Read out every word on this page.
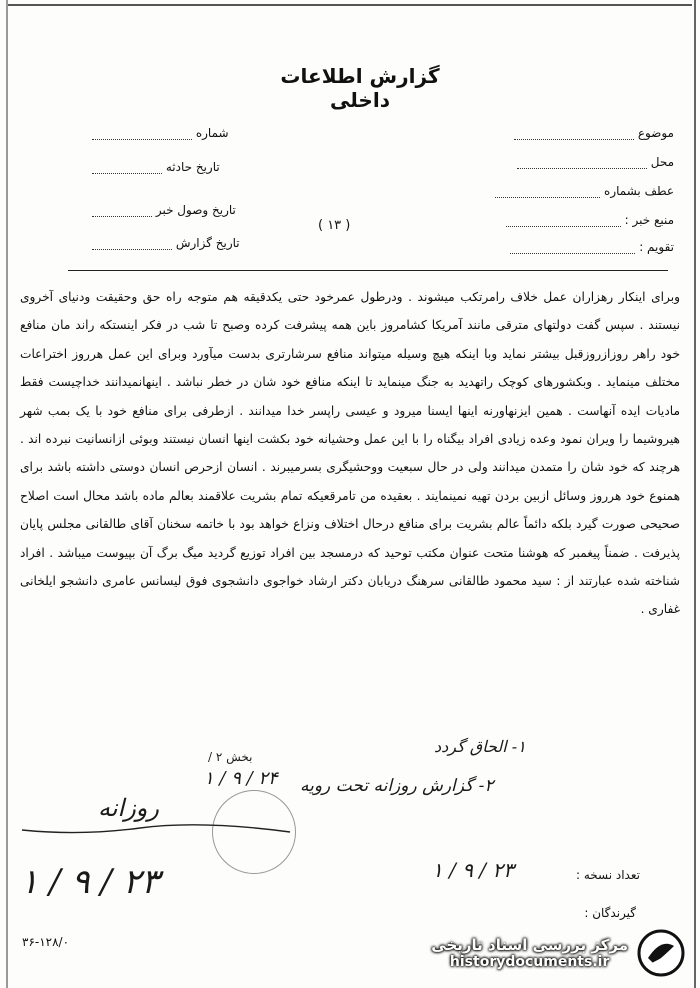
گزارش اطلاعات داخلی
موضوع
محل
عطف بشماره
منبع خبر :
تقویم :
( ۱۳ )
شماره
تاریخ حادثه
تاریخ وصول خبر
تاریخ گزارش
وبرای اینکار رهزاران عمل خلاف رامرتکب میشوند . ودرطول عمرخود حتی یکدقیقه هم متوجه راه حق وحقیقت ودنیای آخروی نیستند . سپس گفت دولتهای مترقی مانند آمریکا کشامروز باین همه پیشرفت کرده وصبح تا شب در فکر اینستکه راند مان منافع خود راهر روزازروزقبل بیشتر نماید وبا اینکه هیچ وسیله میتواند منافع سرشارتری بدست میآورد وبرای این عمل هرروز اختراعات مختلف مینماید . وبکشورهای کوچک راتهدید به جنگ مینماید تا اینکه منافع خود شان در خطر نباشد . اینهانمیدانند خداچیست فقط مادیات ایده آنهاست . همین ایزنهاورنه اینها ایسنا میرود و عیسی راپسر خدا میدانند . ازطرفی برای منافع خود با یک بمب شهر هیروشیما را ویران نمود وعده زیادی افراد بیگناه را با این عمل وحشیانه خود بکشت اینها انسان نیستند وبوئی ازانسانیت نبرده اند . هرچند که خود شان را متمدن میدانند ولی در حال سبعیت ووحشیگری بسرمیبرند . انسان ازحرص انسان دوستی داشته باشد برای همنوع خود هرروز وسائل ازبین بردن تهیه نمینمایند . بعقیده من تامرقعیکه تمام بشریت علاقمند بعالم ماده باشد محال است اصلاح صحیحی صورت گیرد بلکه دائماً عالم بشریت برای منافع درحال اختلاف ونزاع خواهد بود با خاتمه سخنان آقای طالقانی مجلس پایان پذیرفت . ضمناً پیغمبر که هوشنا متحت عنوان مکتب توحید که درمسجد بین افراد توزیع گردید میگ برگ آن بپیوست میباشد . افراد شناخته شده عبارتند از : سید محمود طالقانی سرهنگ دریابان دکتر ارشاد خواجوی دانشجوی فوق لیسانس عامری دانشجو ایلخانی غفاری .
۱- الحاق گردد
۲- گزارش روزانه تحت رویه
بخش ۲ /
۲۴ / ۹ / ۱
روزانه
۲۳ / ۹ / ۱	۲۳ / ۹ / ۱	تعداد نسخه :
گیرندگان :
۳۶-۱۲۸/۰	مرکز بررسی اسناد تاریخی
historydocuments.ir
